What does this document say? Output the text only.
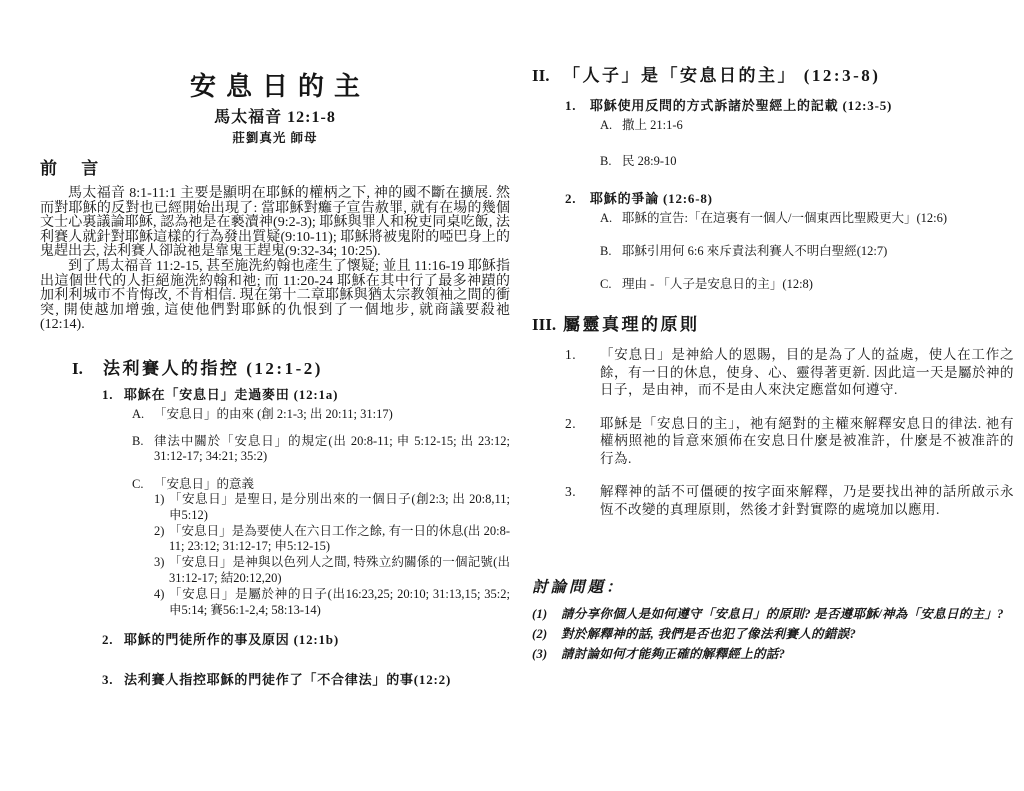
安息日的主
馬太福音 12:1-8
莊劉真光 師母
前 言

馬太福音 8:1-11:1 主要是顯明在耶穌的權柄之下, 神的國不斷在擴展. 然而對耶穌的反對也已經開始出現了: 當耶穌對癱子宣告赦罪, 就有在場的幾個文士心裏議論耶穌, 認為祂是在褻瀆神(9:2-3); 耶穌與罪人和稅吏同桌吃飯, 法利賽人就針對耶穌這樣的行為發出質疑(9:10-11); 耶穌將被鬼附的啞巴身上的鬼趕出去, 法利賽人卻說祂是靠鬼王趕鬼(9:32-34; 10:25).

到了馬太福音 11:2-15, 甚至施洗約翰也產生了懷疑; 並且 11:16-19 耶穌指出這個世代的人拒絕施洗約翰和祂; 而 11:20-24 耶穌在其中行了最多神蹟的加利利城市不肯悔改, 不肯相信. 現在第十二章耶穌與猶太宗教領袖之間的衝突, 開使越加增強, 這使他們對耶穌的仇恨到了一個地步, 就商議要殺祂(12:14).

I.	法利賽人的指控 (12:1-2)
1. 耶穌在「安息日」走過麥田 (12:1a)
A. 「安息日」的由來 (創 2:1-3; 出 20:11; 31:17)
B. 律法中關於「安息日」的規定(出 20:8-11; 申 5:12-15; 出 23:12; 31:12-17; 34:21; 35:2)
C. 「安息日」的意義
1) 「安息日」是聖日, 是分別出來的一個日子(創2:3; 出 20:8,11; 申5:12)
2) 「安息日」是為要使人在六日工作之餘, 有一日的休息(出 20:8-11; 23:12; 31:12-17; 申5:12-15)
3) 「安息日」是神與以色列人之間, 特殊立約關係的一個記號(出31:12-17; 結20:12,20)
4) 「安息日」是屬於神的日子(出16:23,25; 20:10; 31:13,15; 35:2; 申5:14; 賽56:1-2,4; 58:13-14)
2. 耶穌的門徒所作的事及原因 (12:1b)
3. 法利賽人指控耶穌的門徒作了「不合律法」的事(12:2)
II. 「人子」是「安息日的主」 (12:3-8)
1.	耶穌使用反問的方式訴諸於聖經上的記載 (12:3-5)
A. 撒上 21:1-6
B. 民 28:9-10
2.	耶穌的爭論 (12:6-8)
A. 耶穌的宣告:「在這裏有一個人/一個東西比聖殿更大」(12:6)
B. 耶穌引用何 6:6 來斥責法利賽人不明白聖經(12:7)
C. 理由 - 「人子是安息日的主」(12:8)
III. 屬靈真理的原則
1.	「安息日」是神給人的恩賜，目的是為了人的益處，使人在工作之餘，有一日的休息，使身、心、靈得著更新. 因此這一天是屬於神的日子，是由神，而不是由人來決定應當如何遵守.
2.	耶穌是「安息日的主」，祂有絕對的主權來解釋安息日的律法. 祂有權柄照祂的旨意來頒佈在安息日什麼是被准許，什麼是不被准許的行為.
3.	解釋神的話不可僵硬的按字面來解釋，乃是要找出神的話所啟示永恆不改變的真理原則，然後才針對實際的處境加以應用.
討論問題：
(1)	請分享你個人是如何遵守「安息日」的原則? 是否遵耶穌/神為「安息日的主」?
(2)	對於解釋神的話, 我們是否也犯了像法利賽人的錯誤?
(3)	請討論如何才能夠正確的解釋經上的話?
